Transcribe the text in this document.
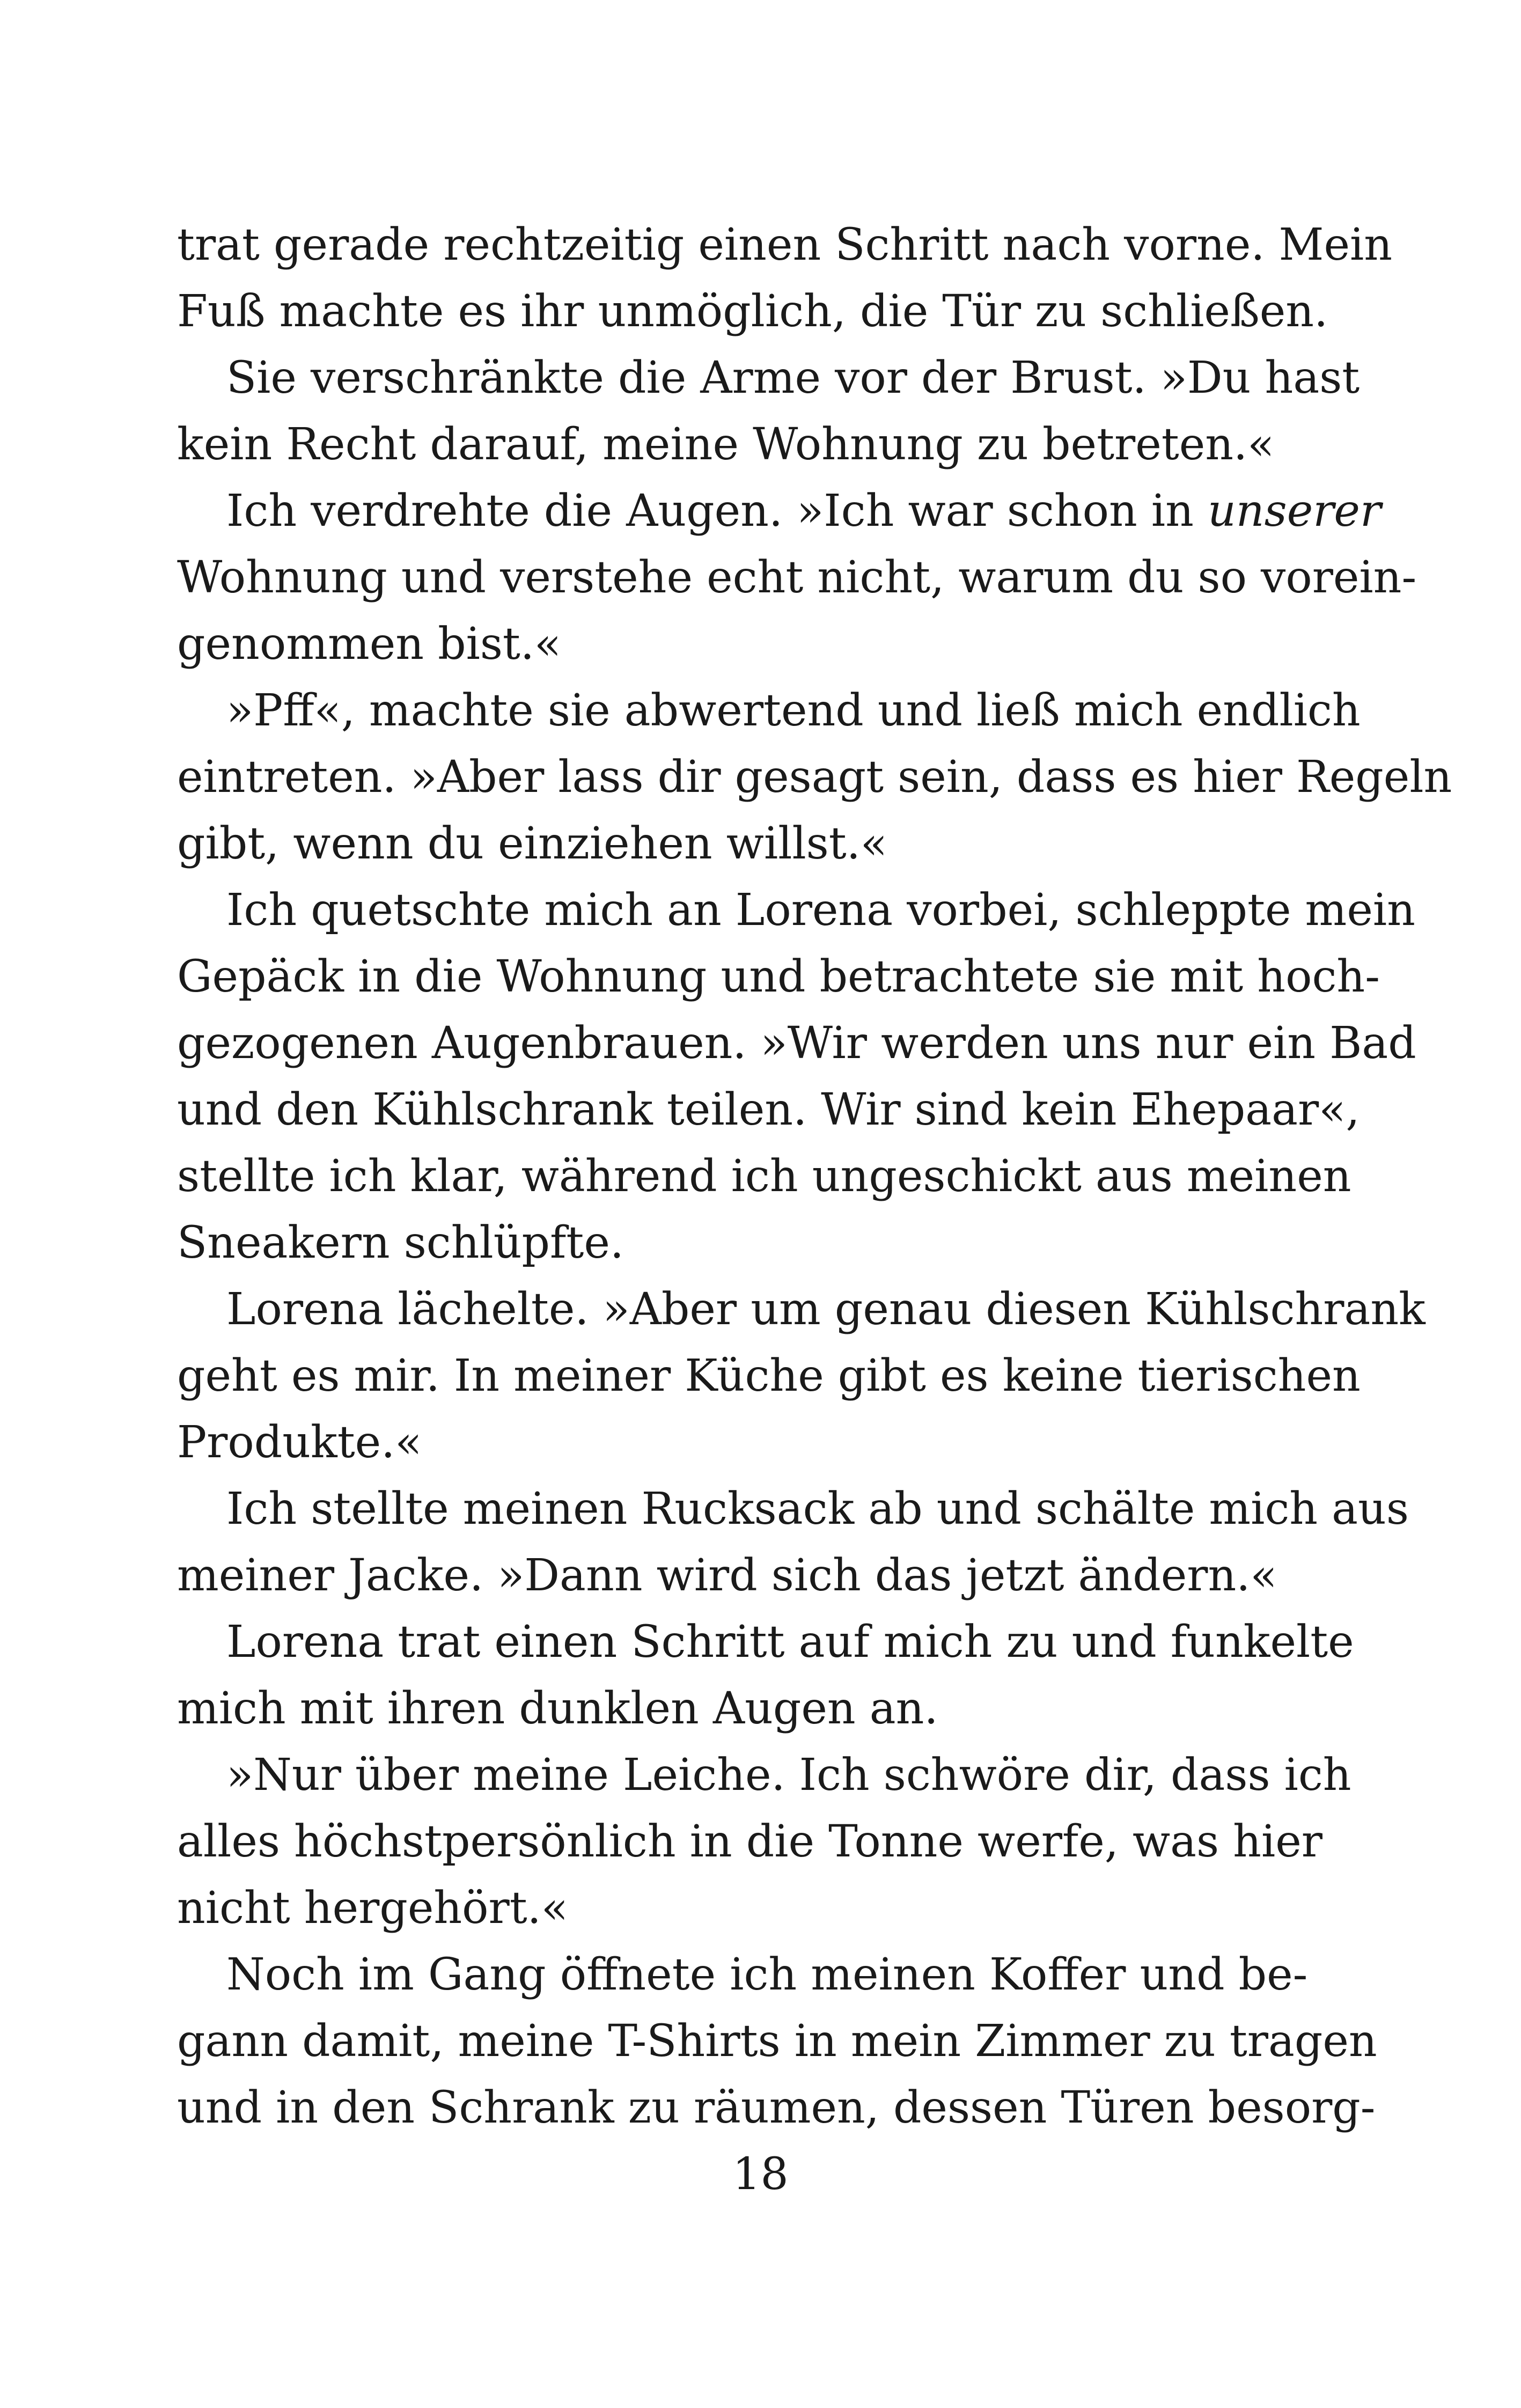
trat gerade rechtzeitig einen Schritt nach vorne. Mein
Fuß machte es ihr unmöglich, die Tür zu schließen.
Sie verschränkte die Arme vor der Brust. »Du hast
kein Recht darauf, meine Wohnung zu betreten.«
Ich verdrehte die Augen. »Ich war schon in unserer
Wohnung und verstehe echt nicht, warum du so vorein-
genommen bist.«
»Pff«, machte sie abwertend und ließ mich endlich
eintreten. »Aber lass dir gesagt sein, dass es hier Regeln
gibt, wenn du einziehen willst.«
Ich quetschte mich an Lorena vorbei, schleppte mein
Gepäck in die Wohnung und betrachtete sie mit hoch-
gezogenen Augenbrauen. »Wir werden uns nur ein Bad
und den Kühlschrank teilen. Wir sind kein Ehepaar«,
stellte ich klar, während ich ungeschickt aus meinen
Sneakern schlüpfte.
Lorena lächelte. »Aber um genau diesen Kühlschrank
geht es mir. In meiner Küche gibt es keine tierischen
Produkte.«
Ich stellte meinen Rucksack ab und schälte mich aus
meiner Jacke. »Dann wird sich das jetzt ändern.«
Lorena trat einen Schritt auf mich zu und funkelte
mich mit ihren dunklen Augen an.
»Nur über meine Leiche. Ich schwöre dir, dass ich
alles höchstpersönlich in die Tonne werfe, was hier
nicht hergehört.«
Noch im Gang öffnete ich meinen Koffer und be-
gann damit, meine T-Shirts in mein Zimmer zu tragen
und in den Schrank zu räumen, dessen Türen besorg-
18
